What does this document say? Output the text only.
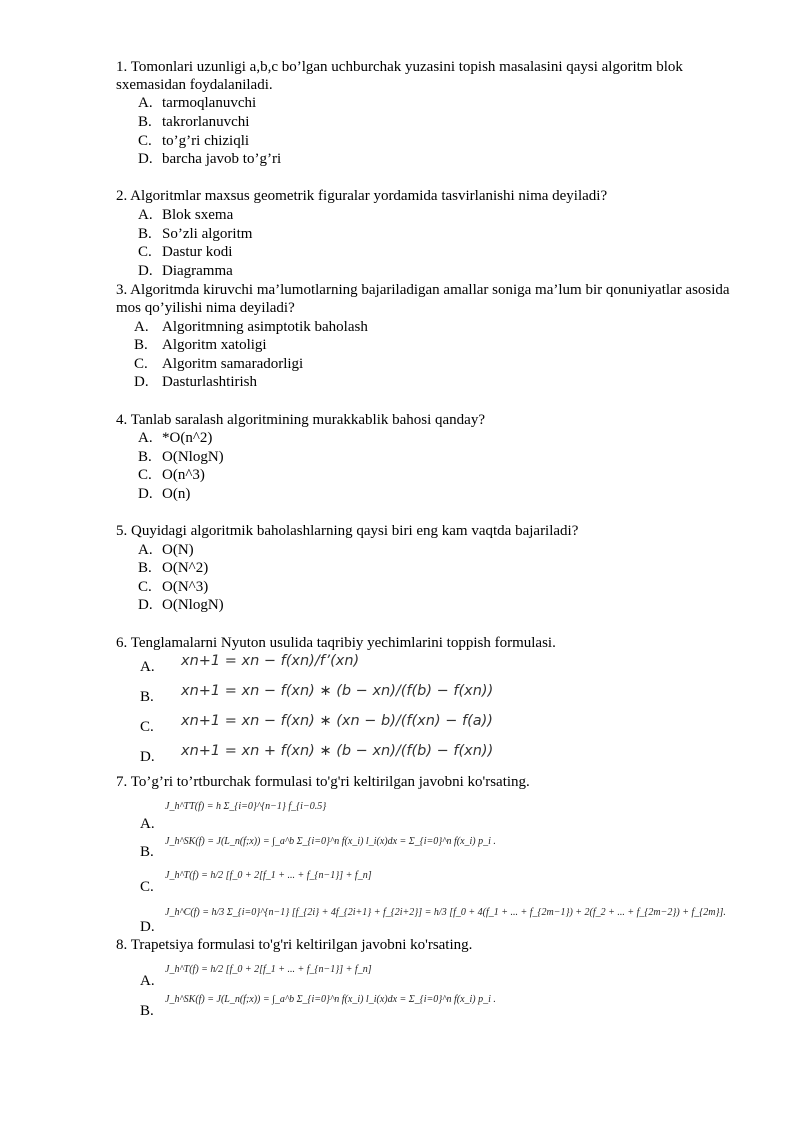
1. Tomonlari uzunligi a,b,c bo’lgan uchburchak yuzasini topish masalasini qaysi algoritm blok sxemasidan foydalaniladi.
A. tarmoqlanuvchi
B. takrorlanuvchi
C. to’g’ri chiziqli
D. barcha javob to’g’ri
2. Algoritmlar maxsus geometrik figuralar yordamida tasvirlanishi nima deyiladi?
A. Blok sxema
B. So’zli algoritm
C. Dastur kodi
D. Diagramma
3. Algoritmda kiruvchi ma’lumotlarning bajariladigan amallar soniga ma’lum bir qonuniyatlar asosida mos qo’yilishi nima deyiladi?
A. Algoritmning asimptotik baholash
B. Algoritm xatoligi
C. Algoritm samaradorligi
D. Dasturlashtirish
4. Tanlab saralash algoritmining murakkablik bahosi qanday?
A. *O(n^2)
B. O(NlogN)
C. O(n^3)
D. O(n)
5. Quyidagi algoritmik baholashlarning qaysi biri eng kam vaqtda bajariladi?
A. O(N)
B. O(N^2)
C. O(N^3)
D. O(NlogN)
6. Tenglamalarni Nyuton usulida taqribiy yechimlarini toppish formulasi.
A. xn+1 = xn − f(xn)/f’(xn)
B. xn+1 = xn − f(xn) ∗ (b − xn)/(f(b) − f(xn))
C. xn+1 = xn − f(xn) ∗ (xn − b)/(f(xn) − f(a))
D. xn+1 = xn + f(xn) ∗ (b − xn)/(f(b) − f(xn))
7. To’g’ri to’rtburchak formulasi to'g'ri keltirilgan javobni ko'rsating.
A.
J_h^ТТ(f) = h Σ_{i=0}^{n−1} f_{i−0.5}
B.
J_h^SK(f) = J(L_n(f;x)) = ∫_a^b Σ_{i=0}^n f(x_i) l_i(x)dx = Σ_{i=0}^n f(x_i) p_i .
C.
J_h^T(f) = h/2 [f_0 + 2[f_1 + ... + f_{n−1}] + f_n]
D.
J_h^C(f) = h/3 Σ_{i=0}^{n−1} [f_{2i} + 4f_{2i+1} + f_{2i+2}] = h/3 [f_0 + 4(f_1 + ... + f_{2m−1}) + 2(f_2 + ... + f_{2m−2}) + f_{2m}].
8. Trapetsiya formulasi to'g'ri keltirilgan javobni ko'rsating.
A.
J_h^T(f) = h/2 [f_0 + 2[f_1 + ... + f_{n−1}] + f_n]
B.
J_h^SK(f) = J(L_n(f;x)) = ∫_a^b Σ_{i=0}^n f(x_i) l_i(x)dx = Σ_{i=0}^n f(x_i) p_i .
